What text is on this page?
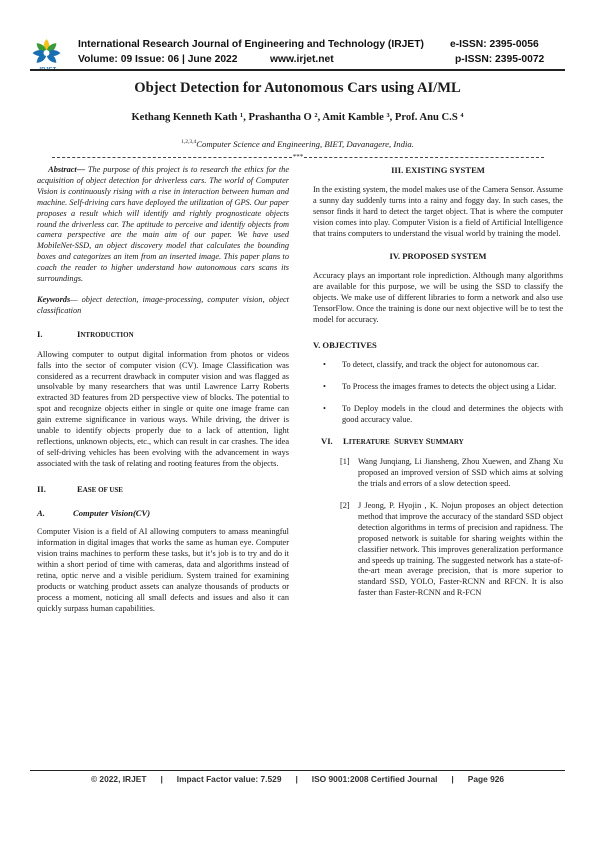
International Research Journal of Engineering and Technology (IRJET)	e-ISSN: 2395-0056
Volume: 09 Issue: 06 | June 2022	www.irjet.net	p-ISSN: 2395-0072
Object Detection for Autonomous Cars using AI/ML
Kethang Kenneth Kath ¹, Prashantha O ², Amit Kamble ³, Prof. Anu C.S ⁴
$^{1,2,3,4}$Computer Science and Engineering, BIET, Davanagere, India.
***

Abstract— The purpose of this project is to research the ethics for the acquisition of object detection for driverless cars. The world of Computer Vision is continuously rising with a rise in interaction between human and machine. Self-driving cars have deployed the utilization of GPS. Our paper proposes a result which will identify and rightly prognosticate objects round the driverless car. The aptitude to perceive and identify objects from camera perspective are the main aim of our paper. We have used MobileNet-SSD, an object discovery model that calculates the bounding boxes and categorizes an item from an inserted image. This paper plans to coach the reader to higher understand how autonomous cars scans its surroundings.

Keywords— object detection, image-processing, computer vision, object classification

I.	INTRODUCTION

Allowing computer to output digital information from photos or videos falls into the sector of computer vision (CV). Image Classification was considered as a recurrent drawback in computer vision and was flagged as unsolvable by many researchers that was until Lawrence Larry Roberts extracted 3D features from 2D perspective view of blocks. The potential to spot and recognize objects either in single or quite one image frame can gain extreme significance in various ways. While driving, the driver is unable to identify objects properly due to a lack of attention, light reflections, unknown objects, etc., which can result in car crashes. The idea of self-driving vehicles has been evolving with the advancement in ways associated with the task of relating and rooting features from the objects.

II.	EASE OF USE
A.	Computer Vision(CV)

Computer Vision is a field of AI allowing computers to amass meaningful information in digital images that works the same as human eye. Computer vision trains machines to perform these tasks, but it’s job is to try and do it within a short period of time with cameras, data and algorithms instead of retina, optic nerve and a visible peridium. System trained for examining products or watching product assets can analyze thousands of products or process a moment, noticing all small defects and issues and also it can quickly surpass human capabilities.

III. EXISTING SYSTEM

In the existing system, the model makes use of the Camera Sensor. Assume a sunny day suddenly turns into a rainy and foggy day. In such cases, the sensor finds it hard to detect the target object. That is where the computer vision comes into play. Computer Vision is a field of Artificial Intelligence that trains computers to understand the visual world by training the model.

IV. PROPOSED SYSTEM

Accuracy plays an important role inprediction. Although many algorithms are available for this purpose, we will be using the SSD to classify the objects. We make use of different libraries to form a network and also use TensorFlow. Once the training is done our next objective will be to test the model for accuracy.

V. OBJECTIVES
• To detect, classify, and track the object for autonomous car.
• To Process the images frames to detects the object using a Lidar.
• To Deploy models in the cloud and determines the objects with good accuracy value.
VI.	LITERATURE SURVEY SUMMARY
[1]	Wang Junqiang, Li Jiansheng, Zhou Xuewen, and Zhang Xu proposed an improved version of SSD which aims at solving the trials and errors of a slow detection speed.
[2]	J Jeong, P. Hyojin , K. Nojun proposes an object detection method that improve the accuracy of the standard SSD object detection algorithms in terms of precision and rapidness. The proposed network is suitable for sharing weights within the classifier network. This improves generalization performance and speeds up training. The suggested network has a state-of-the-art mean average precision, that is more superior to standard SSD, YOLO, Faster-RCNN and RFCN. It is also faster than Faster-RCNN and R-FCN
© 2022, IRJET | Impact Factor value: 7.529 | ISO 9001:2008 Certified Journal | Page 926
